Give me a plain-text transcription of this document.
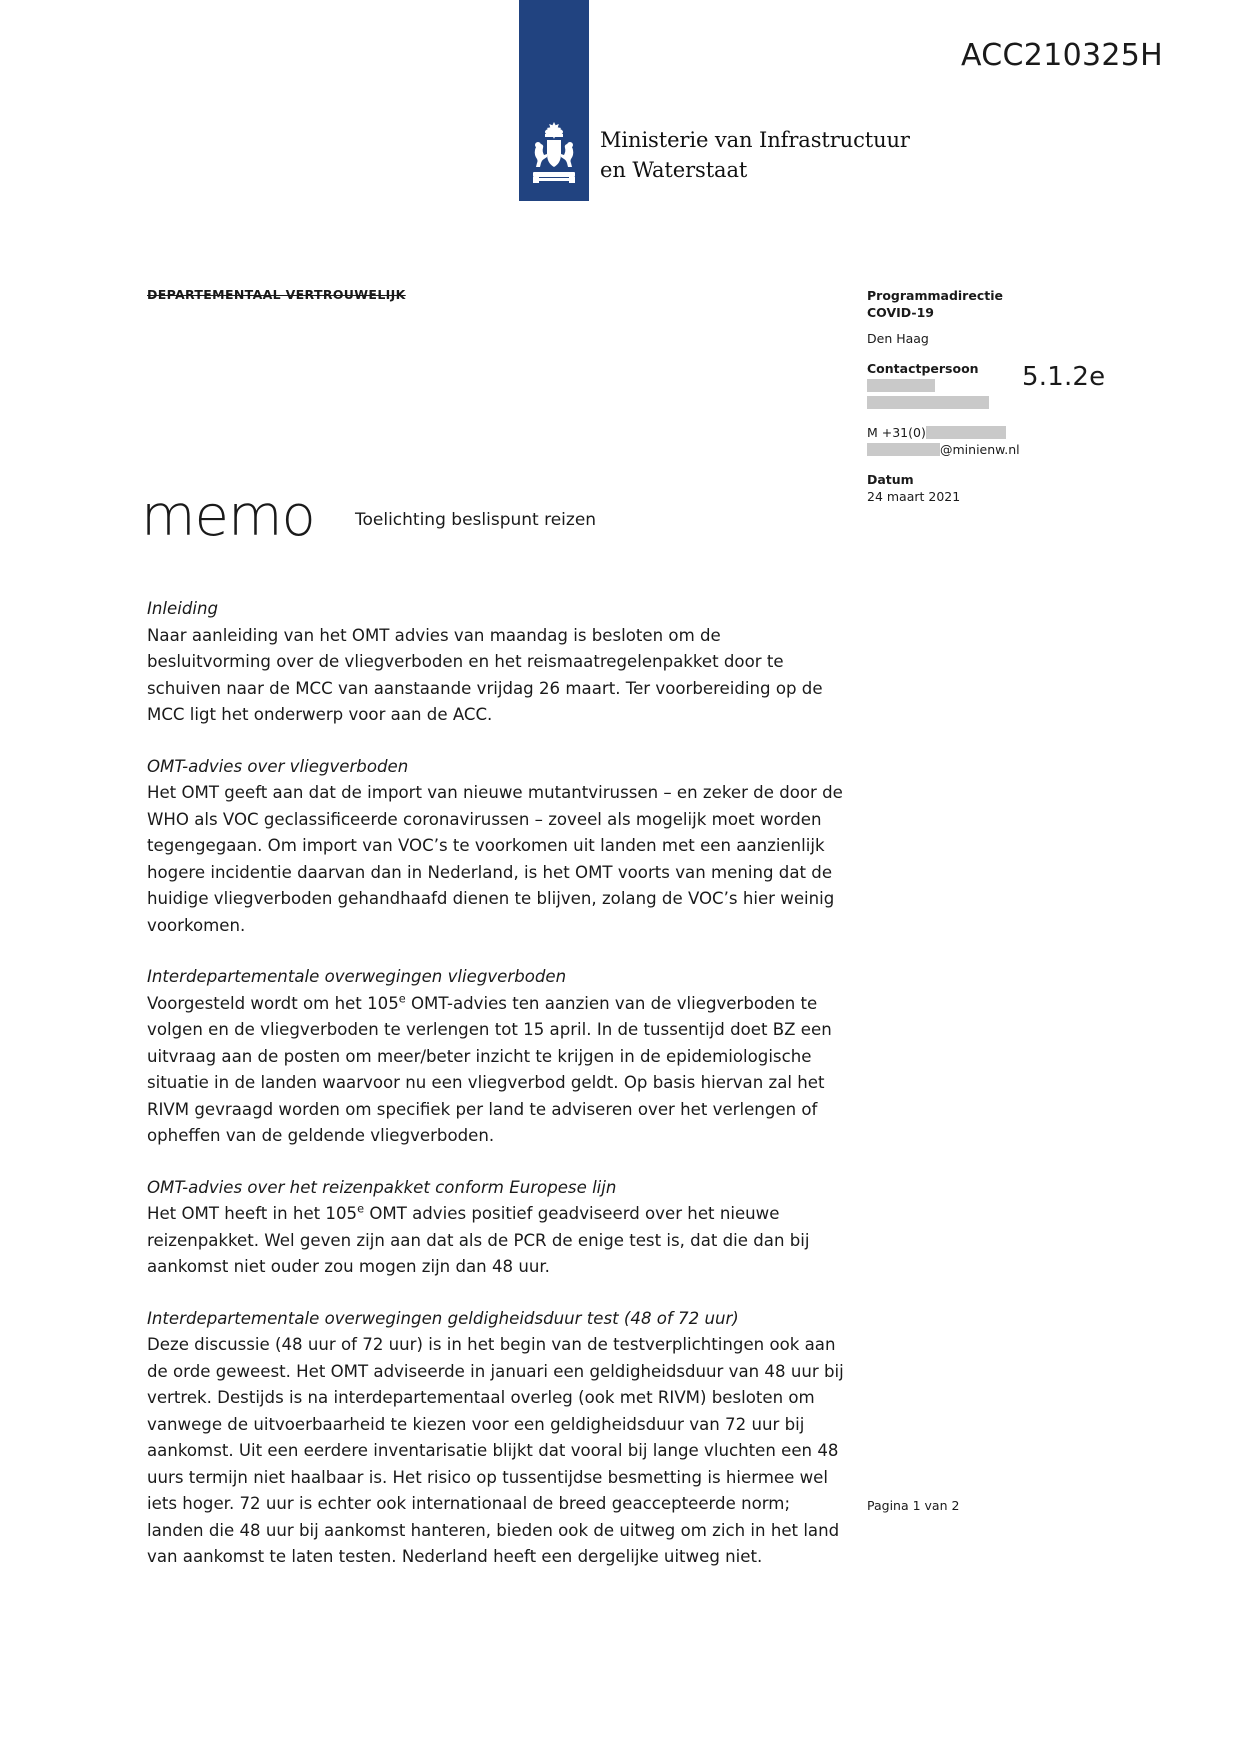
Ministerie van Infrastructuur
en Waterstaat
ACC210325H
DEPARTEMENTAAL VERTROUWELIJK	Programmadirectie
COVID-19
Den Haag
Contactpersoon
M +31(0)
@minienw.nl
Datum
24 maart 2021
5.1.2e
memo Toelichting beslispunt reizen
Inleiding

Naar aanleiding van het OMT advies van maandag is besloten om de besluitvorming over de vliegverboden en het reismaatregelenpakket door te schuiven naar de MCC van aanstaande vrijdag 26 maart. Ter voorbereiding op de MCC ligt het onderwerp voor aan de ACC.

OMT-advies over vliegverboden

Het OMT geeft aan dat de import van nieuwe mutantvirussen – en zeker de door de WHO als VOC geclassificeerde coronavirussen – zoveel als mogelijk moet worden tegengegaan. Om import van VOC’s te voorkomen uit landen met een aanzienlijk hogere incidentie daarvan dan in Nederland, is het OMT voorts van mening dat de huidige vliegverboden gehandhaafd dienen te blijven, zolang de VOC’s hier weinig voorkomen.

Interdepartementale overwegingen vliegverboden

Voorgesteld wordt om het 105e OMT-advies ten aanzien van de vliegverboden te volgen en de vliegverboden te verlengen tot 15 april. In de tussentijd doet BZ een uitvraag aan de posten om meer/beter inzicht te krijgen in de epidemiologische situatie in de landen waarvoor nu een vliegverbod geldt. Op basis hiervan zal het RIVM gevraagd worden om specifiek per land te adviseren over het verlengen of opheffen van de geldende vliegverboden.

OMT-advies over het reizenpakket conform Europese lijn

Het OMT heeft in het 105e OMT advies positief geadviseerd over het nieuwe reizenpakket. Wel geven zijn aan dat als de PCR de enige test is, dat die dan bij aankomst niet ouder zou mogen zijn dan 48 uur.

Interdepartementale overwegingen geldigheidsduur test (48 of 72 uur)

Deze discussie (48 uur of 72 uur) is in het begin van de testverplichtingen ook aan de orde geweest. Het OMT adviseerde in januari een geldigheidsduur van 48 uur bij vertrek. Destijds is na interdepartementaal overleg (ook met RIVM) besloten om vanwege de uitvoerbaarheid te kiezen voor een geldigheidsduur van 72 uur bij aankomst. Uit een eerdere inventarisatie blijkt dat vooral bij lange vluchten een 48 uurs termijn niet haalbaar is. Het risico op tussentijdse besmetting is hiermee wel iets hoger. 72 uur is echter ook internationaal de breed geaccepteerde norm; landen die 48 uur bij aankomst hanteren, bieden ook de uitweg om zich in het land van aankomst te laten testen. Nederland heeft een dergelijke uitweg niet.

Pagina 1 van 2
